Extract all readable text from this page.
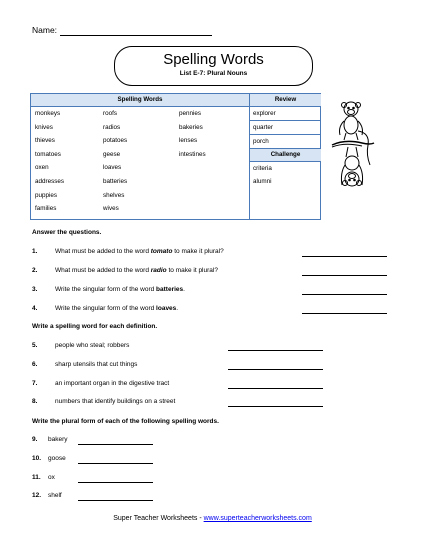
Name:
Spelling Words
List E-7: Plural Nouns
Spelling Words
monkeys	roofs	pennies
knives	radios	bakeries
thieves	potatoes	lenses
tomatoes	geese	intestines
oxen	loaves
addresses	batteries
puppies	shelves
families	wives
Review
explorer
quarter
porch
Challenge
criteria
alumni
Answer the questions.
1.	What must be added to the word tomato to make it plural?
2.	What must be added to the word radio to make it plural?
3.	Write the singular form of the word batteries.
4.	Write the singular form of the word loaves.
Write a spelling word for each definition.
5.	people who steal; robbers
6.	sharp utensils that cut things
7.	an important organ in the digestive tract
8.	numbers that identify buildings on a street
Write the plural form of each of the following spelling words.
9. bakery
10. goose
11. ox
12. shelf
Super Teacher Worksheets - www.superteacherworksheets.com
